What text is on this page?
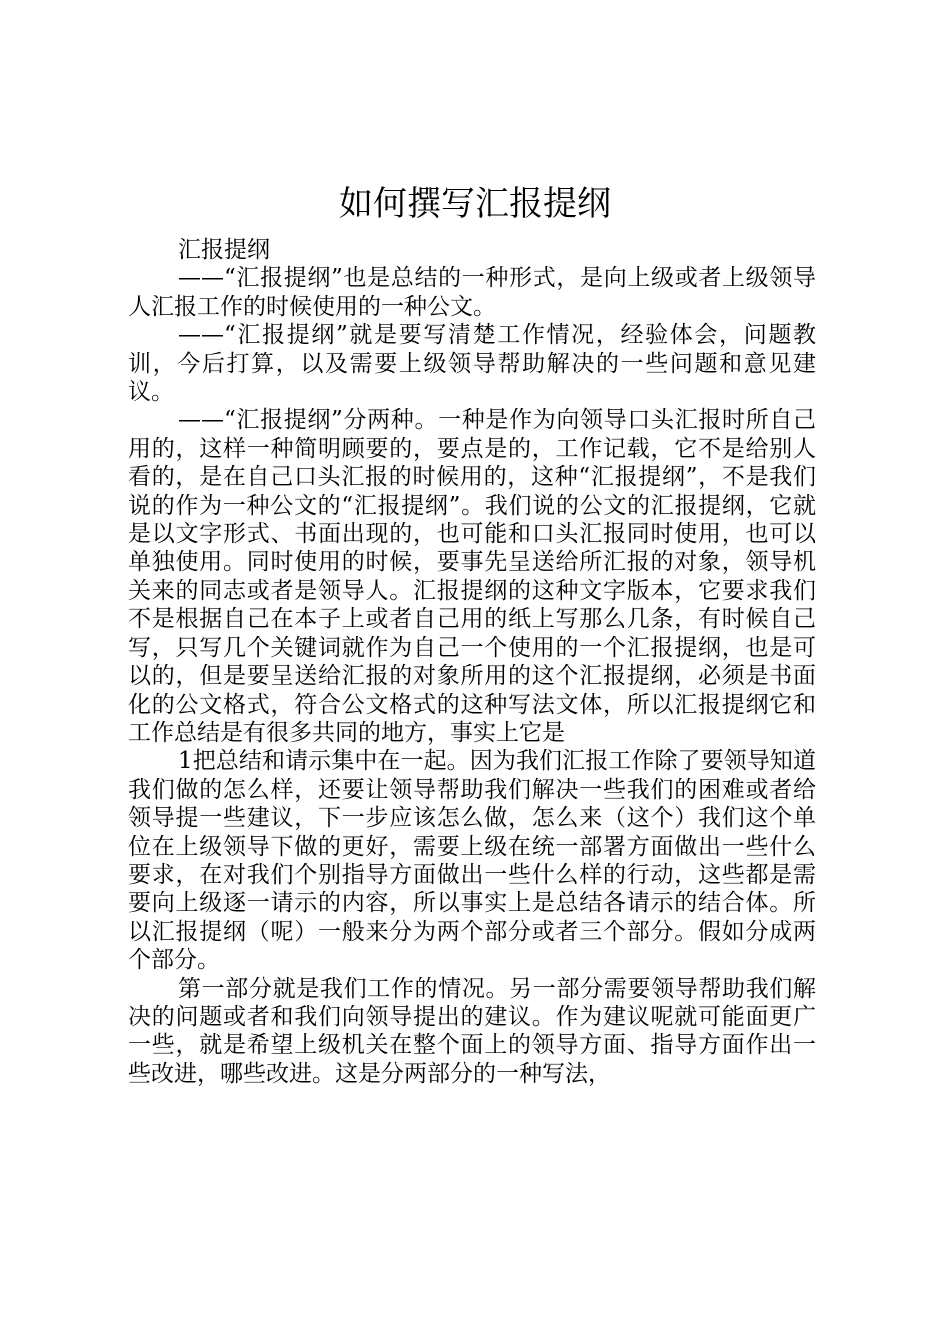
如何撰写汇报提纲

汇报提纲

——“汇报提纲”也是总结的一种形式，是向上级或者上级领导人汇报工作的时候使用的一种公文。

——“汇报提纲”就是要写清楚工作情况，经验体会，问题教训，今后打算，以及需要上级领导帮助解决的一些问题和意见建议。

——“汇报提纲”分两种。一种是作为向领导口头汇报时所自己用的，这样一种简明顾要的，要点是的，工作记载，它不是给别人看的，是在自己口头汇报的时候用的，这种“汇报提纲”，不是我们说的作为一种公文的“汇报提纲”。我们说的公文的汇报提纲，它就是以文字形式、书面出现的，也可能和口头汇报同时使用，也可以单独使用。同时使用的时候，要事先呈送给所汇报的对象，领导机关来的同志或者是领导人。汇报提纲的这种文字版本，它要求我们不是根据自己在本子上或者自己用的纸上写那么几条，有时候自己写，只写几个关键词就作为自己一个使用的一个汇报提纲，也是可以的，但是要呈送给汇报的对象所用的这个汇报提纲，必须是书面化的公文格式，符合公文格式的这种写法文体，所以汇报提纲它和工作总结是有很多共同的地方，事实上它是

1把总结和请示集中在一起。因为我们汇报工作除了要领导知道我们做的怎么样，还要让领导帮助我们解决一些我们的困难或者给领导提一些建议，下一步应该怎么做，怎么来（这个）我们这个单位在上级领导下做的更好，需要上级在统一部署方面做出一些什么要求，在对我们个别指导方面做出一些什么样的行动，这些都是需要向上级逐一请示的内容，所以事实上是总结各请示的结合体。所以汇报提纲（呢）一般来分为两个部分或者三个部分。假如分成两个部分。

第一部分就是我们工作的情况。另一部分需要领导帮助我们解决的问题或者和我们向领导提出的建议。作为建议呢就可能面更广一些，就是希望上级机关在整个面上的领导方面、指导方面作出一些改进，哪些改进。这是分两部分的一种写法，
